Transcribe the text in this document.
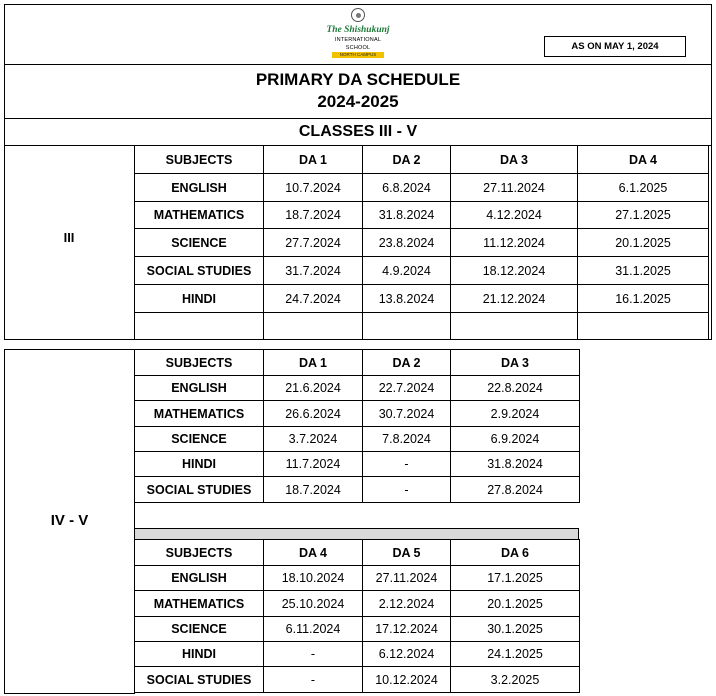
The Shishukunj
INTERNATIONAL SCHOOL
NORTH CAMPUS
AS ON MAY 1, 2024
PRIMARY DA SCHEDULE
2024-2025
CLASSES III - V
III
SUBJECTS	DA 1	DA 2	DA 3	DA 4
ENGLISH	10.7.2024	6.8.2024	27.11.2024	6.1.2025
MATHEMATICS	18.7.2024	31.8.2024	4.12.2024	27.1.2025
SCIENCE	27.7.2024	23.8.2024	11.12.2024	20.1.2025
SOCIAL STUDIES	31.7.2024	4.9.2024	18.12.2024	31.1.2025
HINDI	24.7.2024	13.8.2024	21.12.2024	16.1.2025

IV - V
SUBJECTS	DA 1	DA 2	DA 3
ENGLISH	21.6.2024	22.7.2024	22.8.2024
MATHEMATICS	26.6.2024	30.7.2024	2.9.2024
SCIENCE	3.7.2024	7.8.2024	6.9.2024
HINDI	11.7.2024	-	31.8.2024
SOCIAL STUDIES	18.7.2024	-	27.8.2024
SUBJECTS	DA 4	DA 5	DA 6
ENGLISH	18.10.2024	27.11.2024	17.1.2025
MATHEMATICS	25.10.2024	2.12.2024	20.1.2025
SCIENCE	6.11.2024	17.12.2024	30.1.2025
HINDI	-	6.12.2024	24.1.2025
SOCIAL STUDIES	-	10.12.2024	3.2.2025
